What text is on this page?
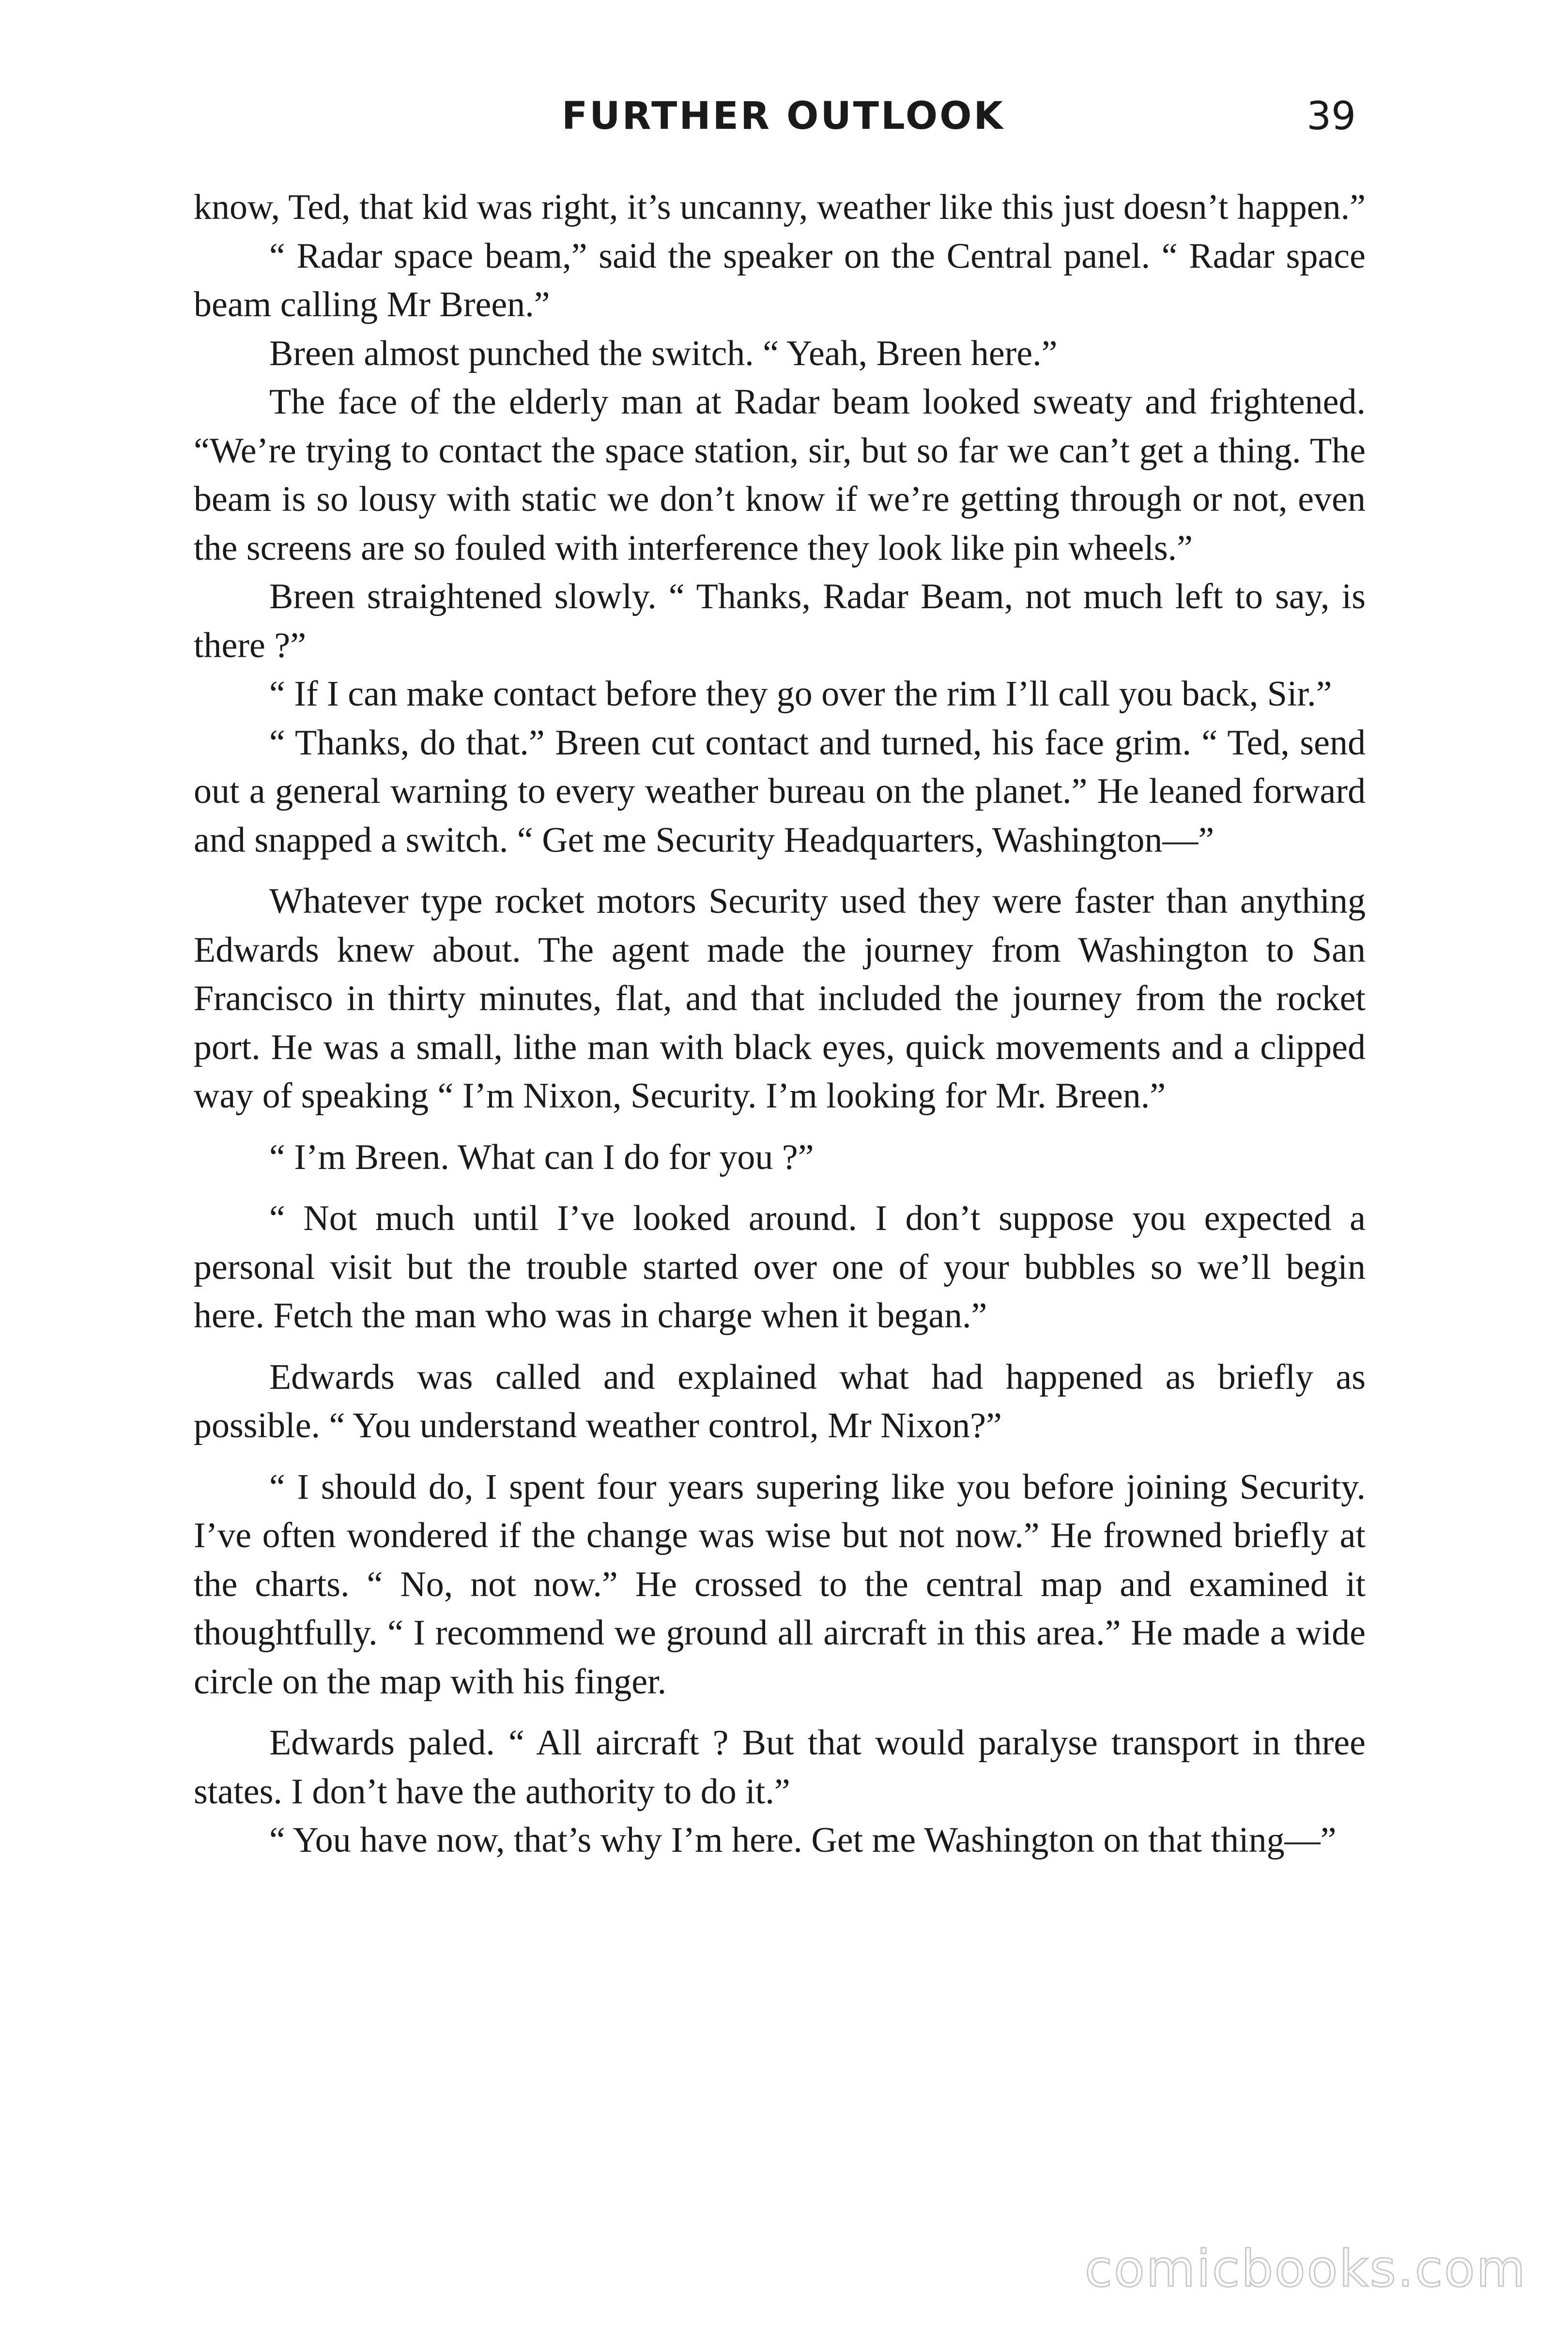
FURTHER OUTLOOK	39

know, Ted, that kid was right, it’s uncanny, weather like this just doesn’t happen.”

“ Radar space beam,” said the speaker on the Central panel. “ Radar space beam calling Mr Breen.”

Breen almost punched the switch. “ Yeah, Breen here.”

The face of the elderly man at Radar beam looked sweaty and frightened. “We’re trying to contact the space station, sir, but so far we can’t get a thing. The beam is so lousy with static we don’t know if we’re getting through or not, even the screens are so fouled with interference they look like pin wheels.”

Breen straightened slowly. “ Thanks, Radar Beam, not much left to say, is there ?”

“ If I can make contact before they go over the rim I’ll call you back, Sir.”

“ Thanks, do that.” Breen cut contact and turned, his face grim. “ Ted, send out a general warning to every weather bureau on the planet.” He leaned forward and snapped a switch. “ Get me Security Headquarters, Washington—”

Whatever type rocket motors Security used they were faster than anything Edwards knew about. The agent made the journey from Washington to San Francisco in thirty minutes, flat, and that included the journey from the rocket port. He was a small, lithe man with black eyes, quick movements and a clipped way of speaking “ I’m Nixon, Security. I’m looking for Mr. Breen.”

“ I’m Breen. What can I do for you ?”

“ Not much until I’ve looked around. I don’t suppose you expected a personal visit but the trouble started over one of your bubbles so we’ll begin here. Fetch the man who was in charge when it began.”

Edwards was called and explained what had happened as briefly as possible. “ You understand weather control, Mr Nixon?”

“ I should do, I spent four years supering like you before joining Security. I’ve often wondered if the change was wise but not now.” He frowned briefly at the charts. “ No, not now.” He crossed to the central map and examined it thoughtfully. “ I recommend we ground all aircraft in this area.” He made a wide circle on the map with his finger.

Edwards paled. “ All aircraft ? But that would paralyse transport in three states. I don’t have the authority to do it.”

“ You have now, that’s why I’m here. Get me Washington on that thing—”

comicbooks.com
